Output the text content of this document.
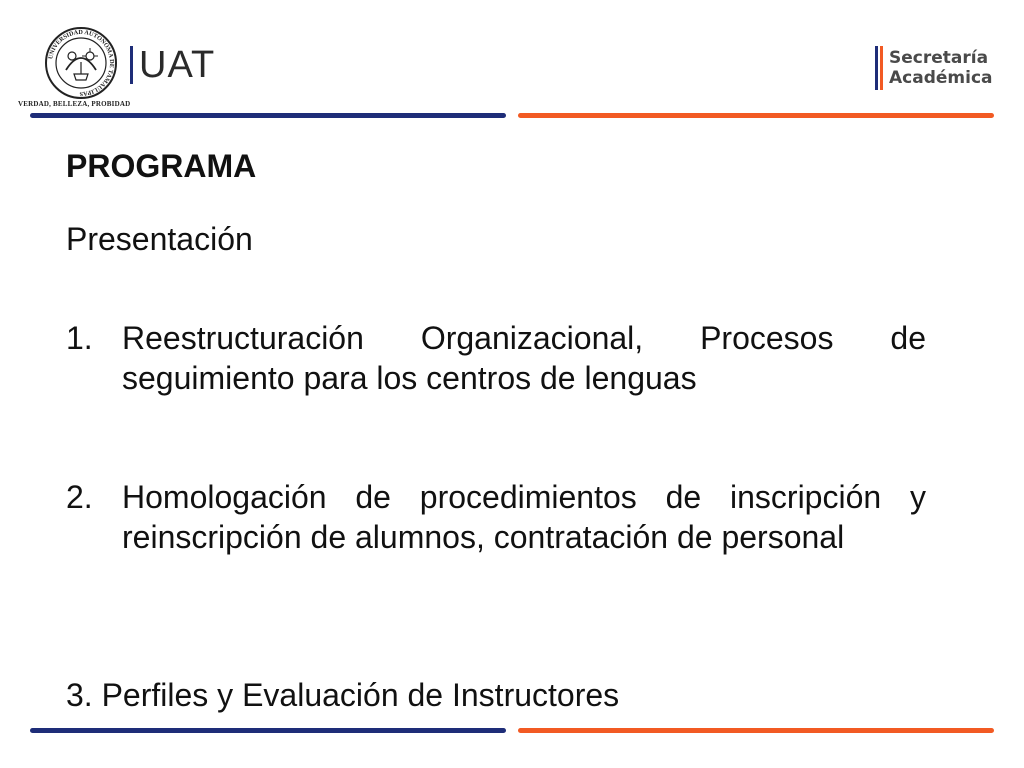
UNIVERSIDAD AUTONOMA DE TAMAULIPAS
VERDAD, BELLEZA, PROBIDAD
UAT	Secretaría
Académica
PROGRAMA
Presentación
1. Reestructuración Organizacional, Procesos de seguimiento para los centros de lenguas
2. Homologación de procedimientos de inscripción y reinscripción de alumnos, contratación de personal
3. Perfiles y Evaluación de Instructores
